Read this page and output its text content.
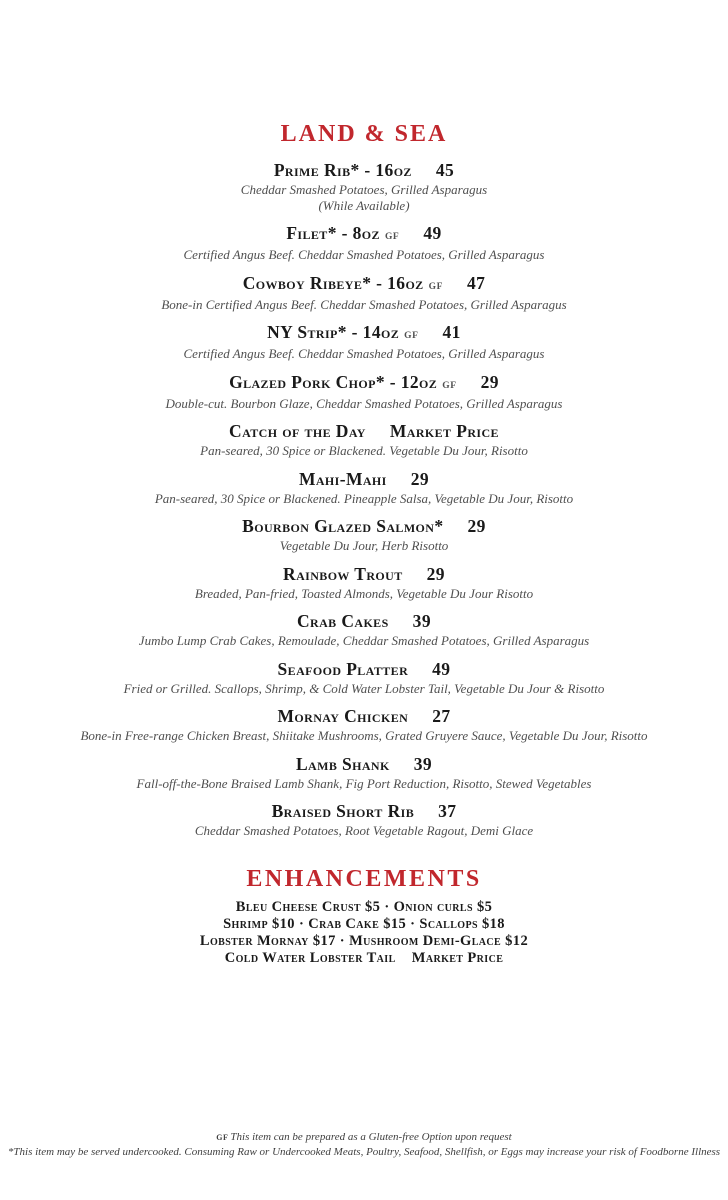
LAND & SEA
Prime Rib* - 16oz 45
Cheddar Smashed Potatoes, Grilled Asparagus
(While Available)
Filet* - 8oz GF 49
Certified Angus Beef. Cheddar Smashed Potatoes, Grilled Asparagus
Cowboy Ribeye* - 16oz GF 47
Bone-in Certified Angus Beef. Cheddar Smashed Potatoes, Grilled Asparagus
NY Strip* - 14oz GF 41
Certified Angus Beef. Cheddar Smashed Potatoes, Grilled Asparagus
Glazed Pork Chop* - 12oz GF 29
Double-cut. Bourbon Glaze, Cheddar Smashed Potatoes, Grilled Asparagus
Catch of the Day Market Price
Pan-seared, 30 Spice or Blackened. Vegetable Du Jour, Risotto
Mahi-Mahi 29
Pan-seared, 30 Spice or Blackened. Pineapple Salsa, Vegetable Du Jour, Risotto
Bourbon Glazed Salmon* 29
Vegetable Du Jour, Herb Risotto
Rainbow Trout 29
Breaded, Pan-fried, Toasted Almonds, Vegetable Du Jour Risotto
Crab Cakes 39
Jumbo Lump Crab Cakes, Remoulade, Cheddar Smashed Potatoes, Grilled Asparagus
Seafood Platter 49
Fried or Grilled. Scallops, Shrimp, & Cold Water Lobster Tail, Vegetable Du Jour & Risotto
Mornay Chicken 27
Bone-in Free-range Chicken Breast, Shiitake Mushrooms, Grated Gruyere Sauce, Vegetable Du Jour, Risotto
Lamb Shank 39
Fall-off-the-Bone Braised Lamb Shank, Fig Port Reduction, Risotto, Stewed Vegetables
Braised Short Rib 37
Cheddar Smashed Potatoes, Root Vegetable Ragout, Demi Glace
ENHANCEMENTS
Bleu Cheese Crust $5 · Onion curls $5
Shrimp $10 · Crab Cake $15 · Scallops $18
Lobster Mornay $17 · Mushroom Demi-Glace $12
Cold Water Lobster Tail    Market Price
GF This item can be prepared as a Gluten-free Option upon request
*This item may be served undercooked. Consuming Raw or Undercooked Meats, Poultry, Seafood, Shellfish, or Eggs may increase your risk of Foodborne Illness
